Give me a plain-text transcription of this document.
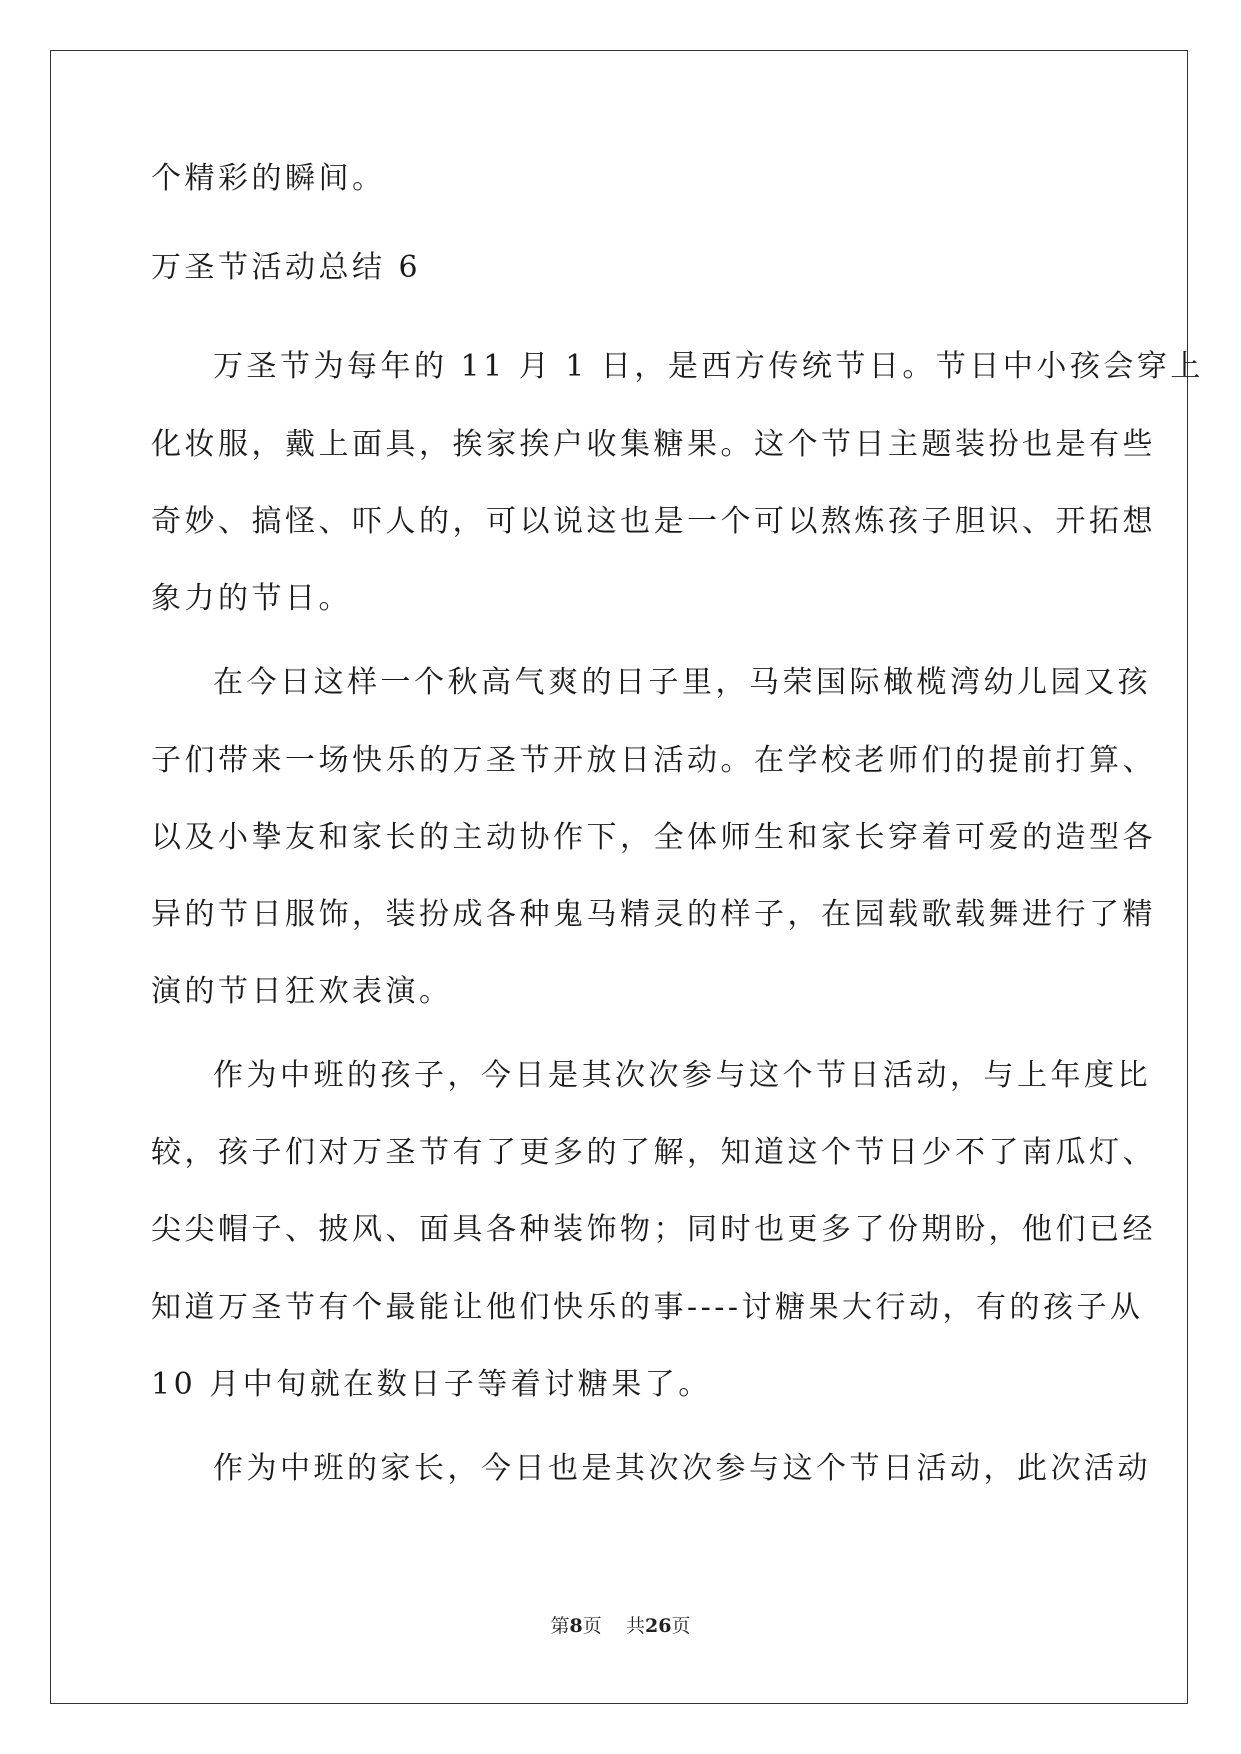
个精彩的瞬间。
万圣节活动总结 6
万圣节为每年的 11 月 1 日，是西方传统节日。节日中小孩会穿上
化妆服，戴上面具，挨家挨户收集糖果。这个节日主题装扮也是有些
奇妙、搞怪、吓人的，可以说这也是一个可以熬炼孩子胆识、开拓想
象力的节日。
在今日这样一个秋高气爽的日子里，马荣国际橄榄湾幼儿园又孩
子们带来一场快乐的万圣节开放日活动。在学校老师们的提前打算、
以及小挚友和家长的主动协作下，全体师生和家长穿着可爱的造型各
异的节日服饰，装扮成各种鬼马精灵的样子，在园载歌载舞进行了精
演的节日狂欢表演。
作为中班的孩子，今日是其次次参与这个节日活动，与上年度比
较，孩子们对万圣节有了更多的了解，知道这个节日少不了南瓜灯、
尖尖帽子、披风、面具各种装饰物；同时也更多了份期盼，他们已经
知道万圣节有个最能让他们快乐的事----讨糖果大行动，有的孩子从
10 月中旬就在数日子等着讨糖果了。
作为中班的家长，今日也是其次次参与这个节日活动，此次活动
第8页 共26页
